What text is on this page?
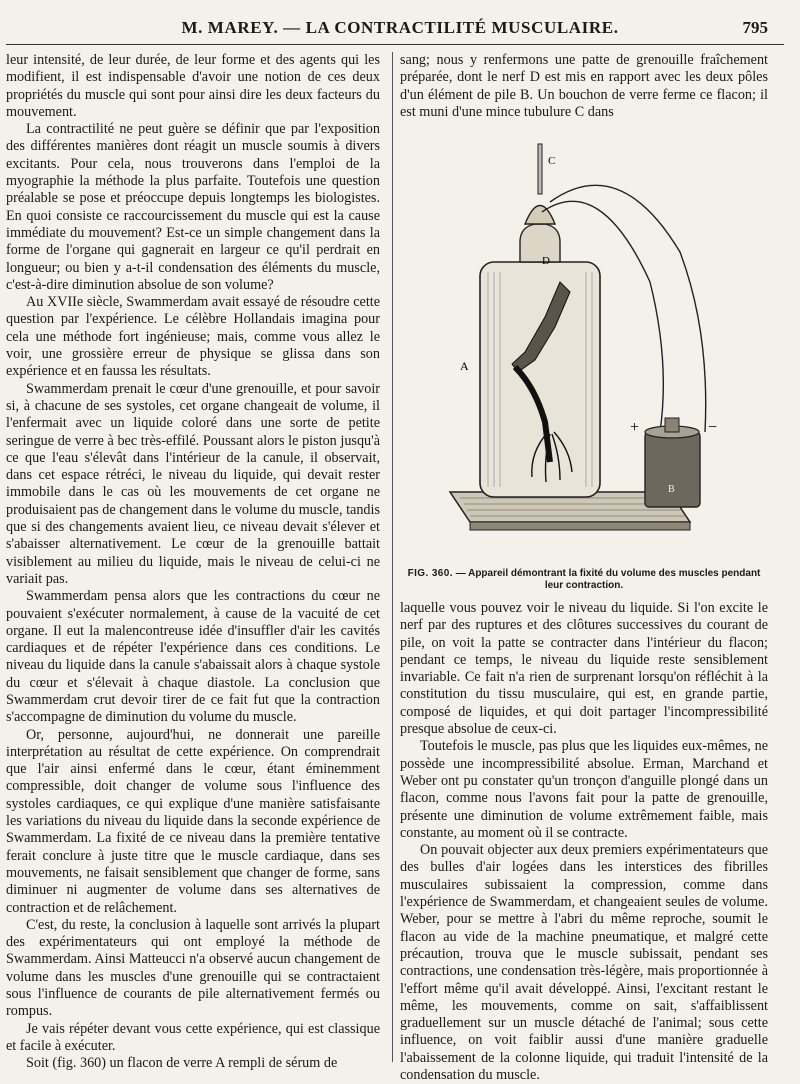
M. MAREY. — LA CONTRACTILITÉ MUSCULAIRE.	795

leur intensité, de leur durée, de leur forme et des agents qui les modifient, il est indispensable d'avoir une notion de ces deux propriétés du muscle qui sont pour ainsi dire les deux facteurs du mouvement.

La contractilité ne peut guère se définir que par l'exposition des différentes manières dont réagit un muscle soumis à divers excitants. Pour cela, nous trouverons dans l'emploi de la myographie la méthode la plus parfaite. Toutefois une question préalable se pose et préoccupe depuis longtemps les biologistes. En quoi consiste ce raccourcissement du muscle qui est la cause immédiate du mouvement? Est-ce un simple changement dans la forme de l'organe qui gagnerait en largeur ce qu'il perdrait en longueur; ou bien y a-t-il condensation des éléments du muscle, c'est-à-dire diminution absolue de son volume?

Au XVIIe siècle, Swammerdam avait essayé de résoudre cette question par l'expérience. Le célèbre Hollandais imagina pour cela une méthode fort ingénieuse; mais, comme vous allez le voir, une grossière erreur de physique se glissa dans son expérience et en faussa les résultats.

Swammerdam prenait le cœur d'une grenouille, et pour savoir si, à chacune de ses systoles, cet organe changeait de volume, il l'enfermait avec un liquide coloré dans une sorte de petite seringue de verre à bec très-effilé. Poussant alors le piston jusqu'à ce que l'eau s'élevât dans l'intérieur de la canule, il observait, dans cet espace rétréci, le niveau du liquide, qui devait rester immobile dans le cas où les mouvements de cet organe ne produisaient pas de changement dans le volume du muscle, tandis que si des changements avaient lieu, ce niveau devait s'élever et s'abaisser alternativement. Le cœur de la grenouille battait visiblement au milieu du liquide, mais le niveau de celui-ci ne variait pas.

Swammerdam pensa alors que les contractions du cœur ne pouvaient s'exécuter normalement, à cause de la vacuité de cet organe. Il eut la malencontreuse idée d'insuffler d'air les cavités cardiaques et de répéter l'expérience dans ces conditions. Le niveau du liquide dans la canule s'abaissait alors à chaque systole du cœur et s'élevait à chaque diastole. La conclusion que Swammerdam crut devoir tirer de ce fait fut que la contraction s'accompagne de diminution du volume du muscle.

Or, personne, aujourd'hui, ne donnerait une pareille interprétation au résultat de cette expérience. On comprendrait que l'air ainsi enfermé dans le cœur, étant éminemment compressible, doit changer de volume sous l'influence des systoles cardiaques, ce qui explique d'une manière satisfaisante les variations du niveau du liquide dans la seconde expérience de Swammerdam. La fixité de ce niveau dans la première tentative ferait conclure à juste titre que le muscle cardiaque, dans ses mouvements, ne faisait sensiblement que changer de forme, sans diminuer ni augmenter de volume dans ses alternatives de contraction et de relâchement.

C'est, du reste, la conclusion à laquelle sont arrivés la plupart des expérimentateurs qui ont employé la méthode de Swammerdam. Ainsi Matteucci n'a observé aucun changement de volume dans les muscles d'une grenouille qui se contractaient sous l'influence de courants de pile alternativement fermés ou rompus.

Je vais répéter devant vous cette expérience, qui est classique et facile à exécuter.

Soit (fig. 360) un flacon de verre A rempli de sérum de

sang; nous y renfermons une patte de grenouille fraîchement préparée, dont le nerf D est mis en rapport avec les deux pôles d'un élément de pile B. Un bouchon de verre ferme ce flacon; il est muni d'une mince tubulure C dans

C
D
A
B
+	−
FIG. 360. — Appareil démontrant la fixité du volume des muscles pendant leur contraction.

laquelle vous pouvez voir le niveau du liquide. Si l'on excite le nerf par des ruptures et des clôtures successives du courant de pile, on voit la patte se contracter dans l'intérieur du flacon; pendant ce temps, le niveau du liquide reste sensiblement invariable. Ce fait n'a rien de surprenant lorsqu'on réfléchit à la constitution du tissu musculaire, qui est, en grande partie, composé de liquides, et qui doit partager l'incompressibilité presque absolue de ceux-ci.

Toutefois le muscle, pas plus que les liquides eux-mêmes, ne possède une incompressibilité absolue. Erman, Marchand et Weber ont pu constater qu'un tronçon d'anguille plongé dans un flacon, comme nous l'avons fait pour la patte de grenouille, présente une diminution de volume extrêmement faible, mais constante, au moment où il se contracte.

On pouvait objecter aux deux premiers expérimentateurs que des bulles d'air logées dans les interstices des fibrilles musculaires subissaient la compression, comme dans l'expérience de Swammerdam, et changeaient seules de volume. Weber, pour se mettre à l'abri du même reproche, soumit le flacon au vide de la machine pneumatique, et malgré cette précaution, trouva que le muscle subissait, pendant ses contractions, une condensation très-légère, mais proportionnée à l'effort même qu'il avait développé. Ainsi, l'excitant restant le même, les mouvements, comme on sait, s'affaiblissent graduellement sur un muscle détaché de l'animal; sous cette influence, on voit faiblir aussi d'une manière graduelle l'abaissement de la colonne liquide, qui traduit l'intensité de la condensation du muscle.
